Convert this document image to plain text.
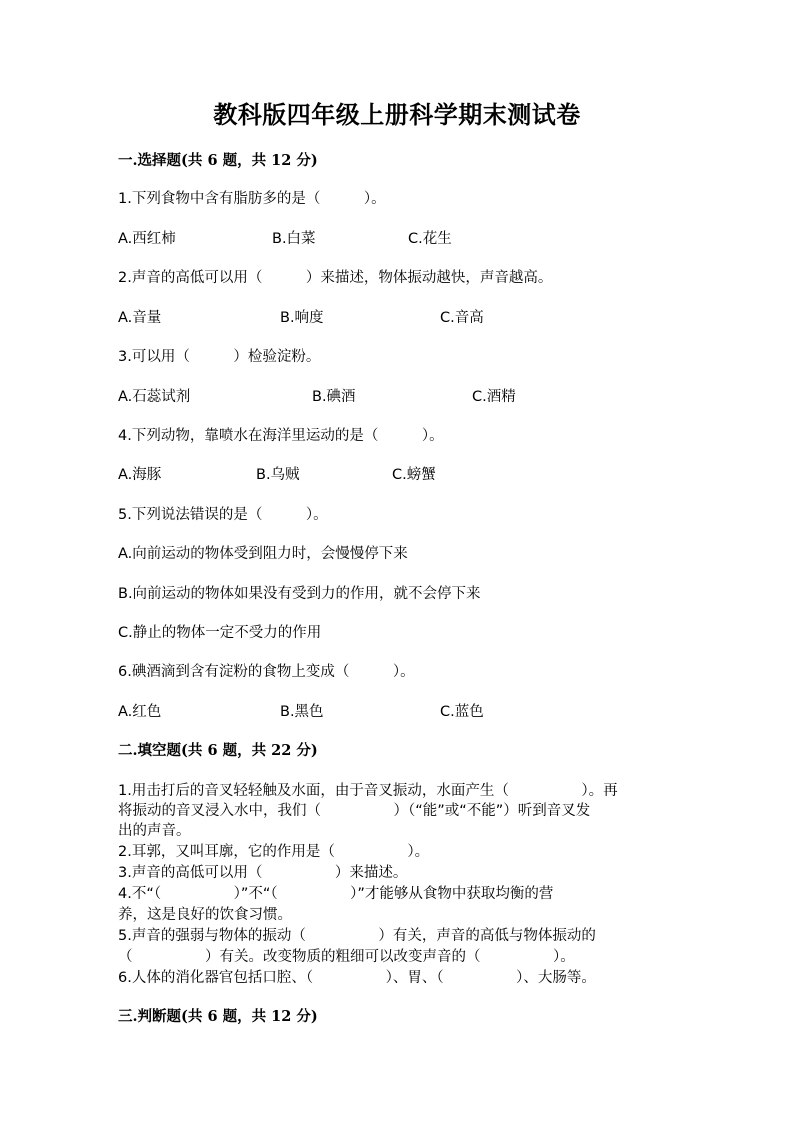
教科版四年级上册科学期末测试卷
一.选择题(共 6 题，共 12 分)
1.下列食物中含有脂肪多的是（　　　）。
A.西红柿	B.白菜	C.花生
2.声音的高低可以用（　　　）来描述，物体振动越快，声音越高。
A.音量	B.响度	C.音高
3.可以用（　　　）检验淀粉。
A.石蕊试剂	B.碘酒	C.酒精
4.下列动物，靠喷水在海洋里运动的是（　　　）。
A.海豚	B.乌贼	C.螃蟹
5.下列说法错误的是（　　　）。
A.向前运动的物体受到阻力时，会慢慢停下来
B.向前运动的物体如果没有受到力的作用，就不会停下来
C.静止的物体一定不受力的作用
6.碘酒滴到含有淀粉的食物上变成（　　　）。
A.红色	B.黑色	C.蓝色
二.填空题(共 6 题，共 22 分)
1.用击打后的音叉轻轻触及水面，由于音叉振动，水面产生（　　　　　）。再
将振动的音叉浸入水中，我们（　　　　　）（“能”或“不能”）听到音叉发
出的声音。
2.耳郭，又叫耳廓，它的作用是（　　　　　）。
3.声音的高低可以用（　　　　　）来描述。
4.不“（　　　　　）”不“（　　　　　）”才能够从食物中获取均衡的营
养，这是良好的饮食习惯。
5.声音的强弱与物体的振动（　　　　　）有关，声音的高低与物体振动的
（　　　　　）有关。改变物质的粗细可以改变声音的（　　　　　）。
6.人体的消化器官包括口腔、（　　　　　）、胃、（　　　　　）、大肠等。
三.判断题(共 6 题，共 12 分)
